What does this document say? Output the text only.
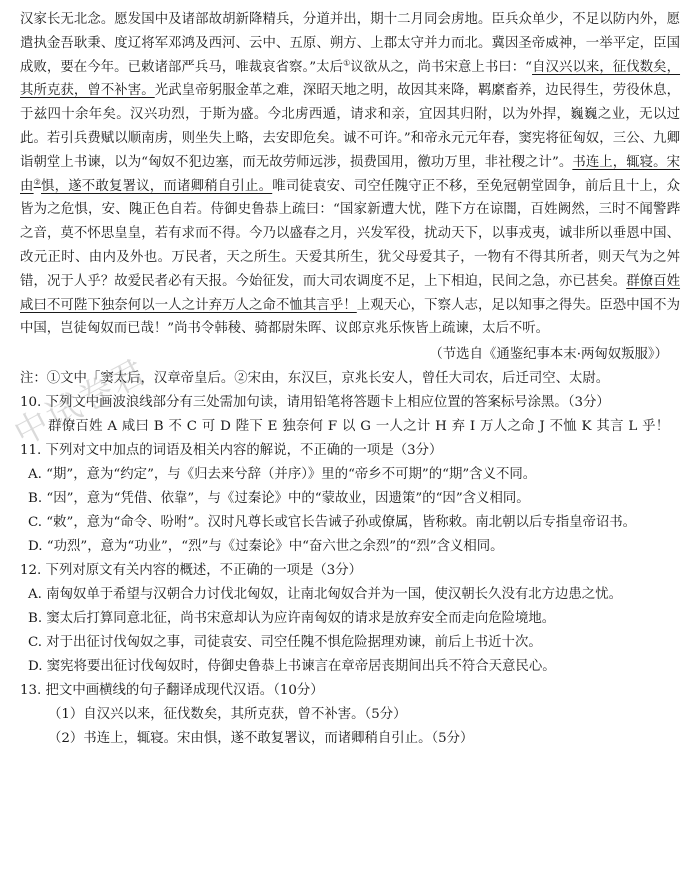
汉家长无北念。愿发国中及诸部故胡新降精兵，分道并出，期十二月同会虏地。臣兵众单少，不足以防内外，愿遣执金吾耿秉、度辽将军邓鸿及西河、云中、五原、朔方、上郡太守并力而北。冀因圣帝威神，一举平定，臣国成败，要在今年。已敕诸部严兵马，唯裁哀省察。”太后①议欲从之，尚书宋意上书曰：“自汉兴以来，征伐数矣，其所克获，曾不补害。光武皇帝躬服金革之难，深昭天地之明，故因其来降，羁縻畜养，边民得生，劳役休息，于兹四十余年矣。汉兴功烈，于斯为盛。今北虏西遁，请求和亲，宜因其归附，以为外捍，巍巍之业，无以过此。若引兵费赋以顺南虏，则坐失上略，去安即危矣。诚不可许。”和帝永元元年春，窦宪将征匈奴，三公、九卿诣朝堂上书谏，以为“匈奴不犯边塞，而无故劳师远涉，损费国用，徼功万里，非社稷之计”。书连上，辄寝。宋由②惧，遂不敢复署议，而诸卿稍自引止。唯司徒袁安、司空任隗守正不移，至免冠朝堂固争，前后且十上，众皆为之危惧，安、隗正色自若。侍御史鲁恭上疏曰：“国家新遭大忧，陛下方在谅闇，百姓阙然，三时不闻警跸之音，莫不怀思皇皇，若有求而不得。今乃以盛春之月，兴发军役，扰动天下，以事戎夷，诚非所以垂恩中国、改元正时、由内及外也。万民者，天之所生。天爱其所生，犹父母爱其子，一物有不得其所者，则天气为之舛错，况于人乎？故爱民者必有天报。今始征发，而大司农调度不足，上下相迫，民间之急，亦已甚矣。群僚百姓咸曰不可陛下独奈何以一人之计弃万人之命不恤其言乎！上观天心，下察人志，足以知事之得失。臣恐中国不为中国，岂徒匈奴而已哉！”尚书令韩稜、骑都尉朱晖、议郎京兆乐恢皆上疏谏，太后不听。

（节选自《通鉴纪事本末·两匈奴叛服》）

注：①文中「窦太后，汉章帝皇后。②宋由，东汉巨，京兆长安人，曾任大司农，后迁司空、太尉。

10. 下列文中画波浪线部分有三处需加句读，请用铅笔将答题卡上相应位置的答案标号涂黑。（3分）

群僚百姓 A 咸曰 B 不 C 可 D 陛下 E 独奈何 F 以 G 一人之计 H 弃 I 万人之命 J 不恤 K 其言 L 乎！

11. 下列对文中加点的词语及相关内容的解说，不正确的一项是（3分）

A. “期”，意为“约定”，与《归去来兮辞（并序）》里的“帝乡不可期”的“期”含义不同。

B. “因”，意为“凭借、依靠”，与《过秦论》中的“蒙故业，因遗策”的“因”含义相同。

C. “敕”，意为“命令、吩咐”。汉时凡尊长或官长告诫子孙或僚属，皆称敕。南北朝以后专指皇帝诏书。

D. “功烈”，意为“功业”，“烈”与《过秦论》中“奋六世之余烈”的“烈”含义相同。

12. 下列对原文有关内容的概述，不正确的一项是（3分）

A. 南匈奴单于希望与汉朝合力讨伐北匈奴，让南北匈奴合并为一国，使汉朝长久没有北方边患之忧。

B. 窦太后打算同意北征，尚书宋意却认为应许南匈奴的请求是放弃安全而走向危险境地。

C. 对于出征讨伐匈奴之事，司徒袁安、司空任隗不惧危险据理劝谏，前后上书近十次。

D. 窦宪将要出征讨伐匈奴时，侍御史鲁恭上书谏言在章帝居丧期间出兵不符合天意民心。

13. 把文中画横线的句子翻译成现代汉语。（10分）

（1）自汉兴以来，征伐数矣，其所克获，曾不补害。（5分）

（2）书连上，辄寝。宋由惧，遂不敢复署议，而诸卿稍自引止。（5分）

中试卷君
